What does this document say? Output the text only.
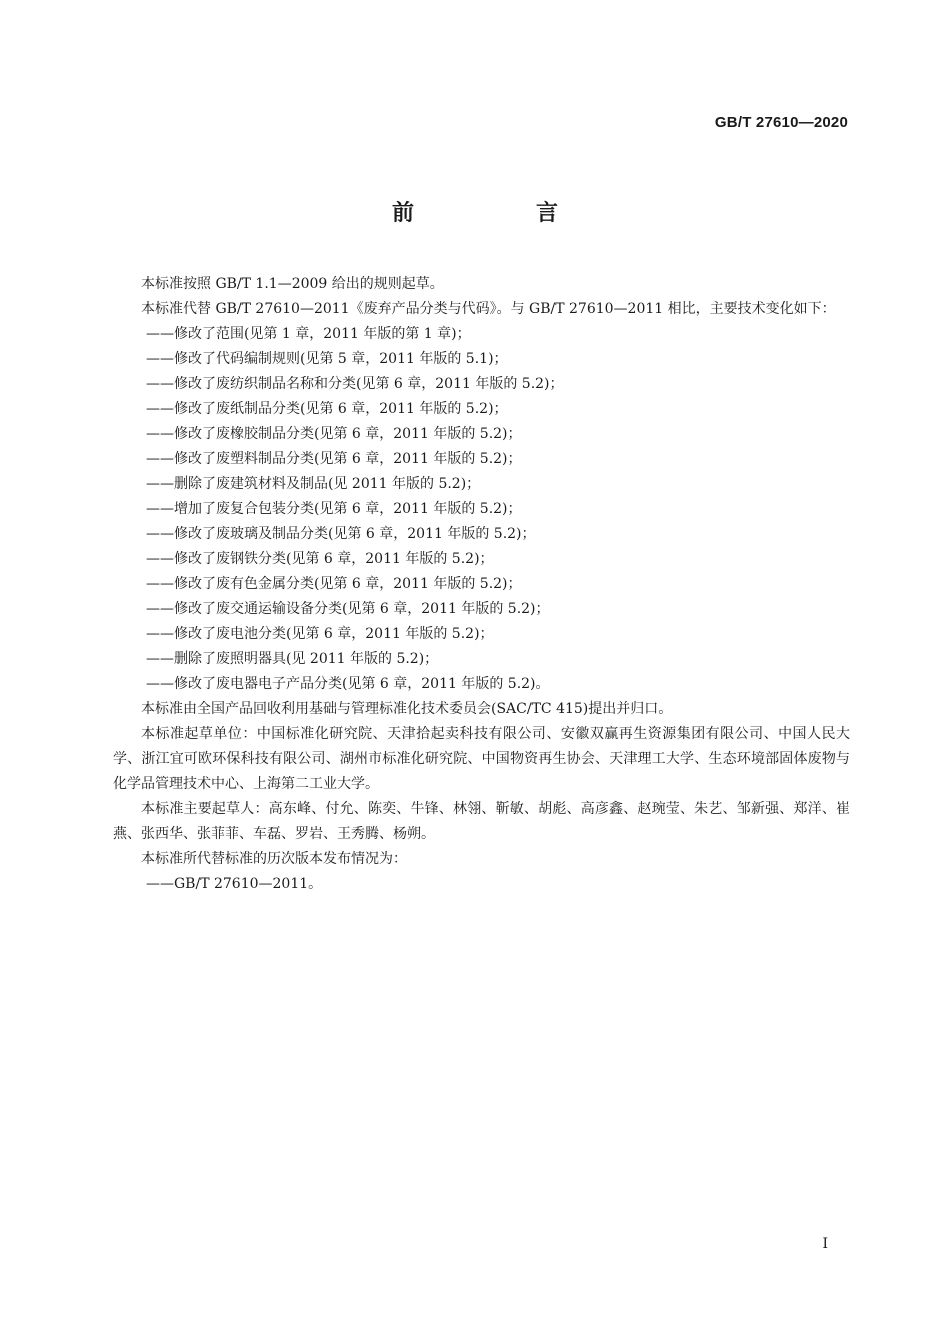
GB/T 27610—2020
前　言

本标准按照 GB/T 1.1—2009 给出的规则起草。

本标准代替 GB/T 27610—2011《废弃产品分类与代码》。与 GB/T 27610—2011 相比，主要技术变化如下：

——修改了范围(见第 1 章，2011 年版的第 1 章)；

——修改了代码编制规则(见第 5 章，2011 年版的 5.1)；

——修改了废纺织制品名称和分类(见第 6 章，2011 年版的 5.2)；

——修改了废纸制品分类(见第 6 章，2011 年版的 5.2)；

——修改了废橡胶制品分类(见第 6 章，2011 年版的 5.2)；

——修改了废塑料制品分类(见第 6 章，2011 年版的 5.2)；

——删除了废建筑材料及制品(见 2011 年版的 5.2)；

——增加了废复合包装分类(见第 6 章，2011 年版的 5.2)；

——修改了废玻璃及制品分类(见第 6 章，2011 年版的 5.2)；

——修改了废钢铁分类(见第 6 章，2011 年版的 5.2)；

——修改了废有色金属分类(见第 6 章，2011 年版的 5.2)；

——修改了废交通运输设备分类(见第 6 章，2011 年版的 5.2)；

——修改了废电池分类(见第 6 章，2011 年版的 5.2)；

——删除了废照明器具(见 2011 年版的 5.2)；

——修改了废电器电子产品分类(见第 6 章，2011 年版的 5.2)。

本标准由全国产品回收利用基础与管理标准化技术委员会(SAC/TC 415)提出并归口。

本标准起草单位：中国标准化研究院、天津拾起卖科技有限公司、安徽双赢再生资源集团有限公司、中国人民大学、浙江宜可欧环保科技有限公司、湖州市标准化研究院、中国物资再生协会、天津理工大学、生态环境部固体废物与化学品管理技术中心、上海第二工业大学。

本标准主要起草人：高东峰、付允、陈奕、牛锋、林翎、靳敏、胡彪、高彦鑫、赵琬莹、朱艺、邹新强、郑洋、崔燕、张西华、张菲菲、车磊、罗岩、王秀腾、杨朔。

本标准所代替标准的历次版本发布情况为：

——GB/T 27610—2011。

I
